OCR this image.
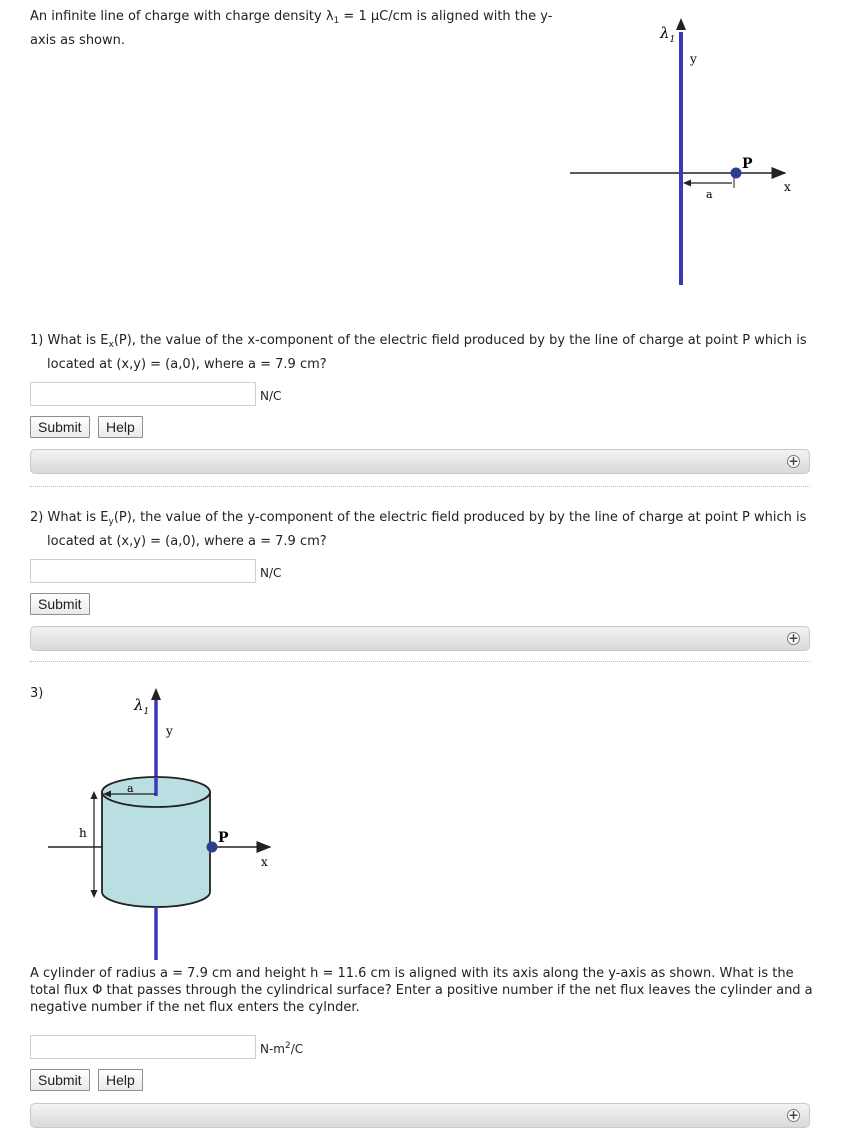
An infinite line of charge with charge density $\lambda_1 = 1$ μC/cm is aligned with the y-axis as shown.	$\lambda_1$
y
x
a
P
1) What is $E_x(P)$, the value of the x-component of the electric field produced by by the line of charge at point P which is
located at (x,y) = (a,0), where a = 7.9 cm?
N/C
Submit	Help
+
2) What is $E_y(P)$, the value of the y-component of the electric field produced by by the line of charge at point P which is
located at (x,y) = (a,0), where a = 7.9 cm?
N/C
Submit
+
3)
$\lambda_1$
y
a
h	P
x
A cylinder of radius a = 7.9 cm and height h = 11.6 cm is aligned with its axis along the y-axis as shown. What is the total flux Φ that passes through the cylindrical surface? Enter a positive number if the net flux leaves the cylinder and a negative number if the net flux enters the cylnder.
$N-m^2/C$
Submit	Help
+
